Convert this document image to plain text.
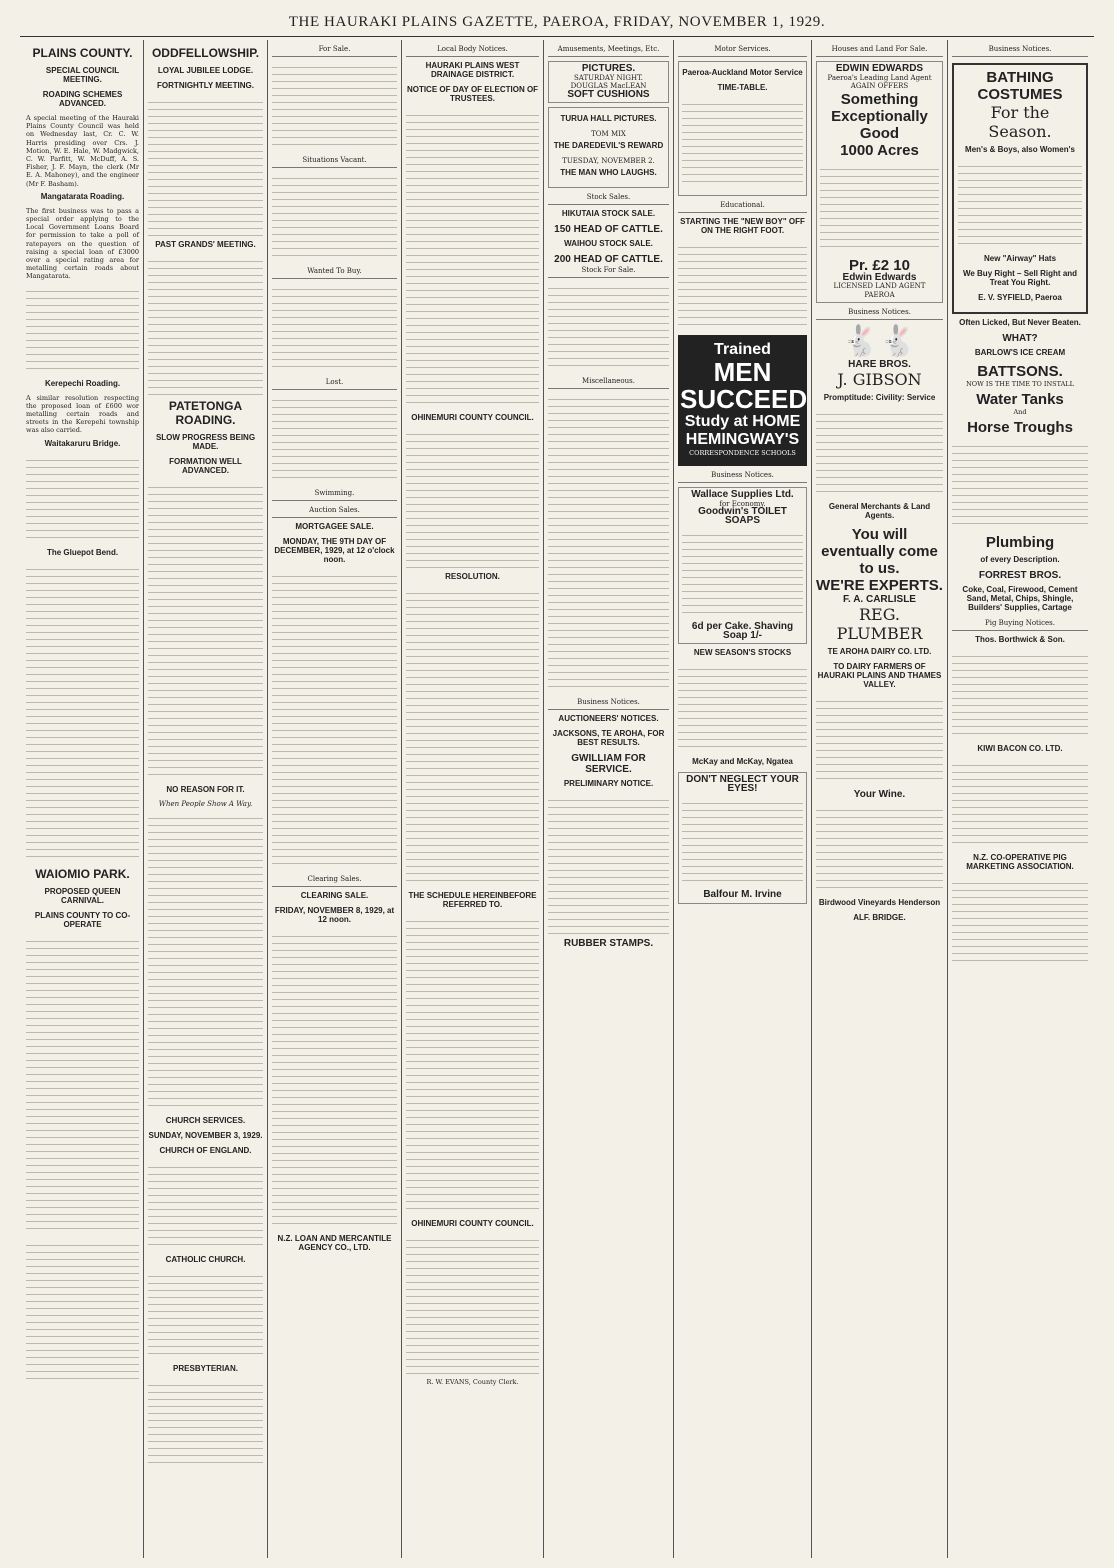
THE HAURAKI PLAINS GAZETTE, PAEROA, FRIDAY, NOVEMBER 1, 1929.
PLAINS COUNTY.
SPECIAL COUNCIL MEETING.
ROADING SCHEMES ADVANCED.

A special meeting of the Hauraki Plains County Council was held on Wednesday last, Cr. C. W. Harris presiding over Crs. J. Motion, W. E. Hale, W. Madgwick, C. W. Parfitt, W. McDuff, A. S. Fisher, J. F. Mayn, the clerk (Mr E. A. Mahoney), and the engineer (Mr F. Basham).

Mangatarata Roading.

The first business was to pass a special order applying to the Local Government Loans Board for permission to take a poll of ratepayers on the question of raising a special loan of £3000 over a special rating area for metalling certain roads about Mangatarata.

Kerepechi Roading.

A similar resolution respecting the proposed loan of £600 wor metalling certain roads and streets in the Kerepehi township was also carried.

Waitakaruru Bridge.
The Gluepot Bend.
WAIOMIO PARK.
PROPOSED QUEEN CARNIVAL.
PLAINS COUNTY TO CO-OPERATE
ODDFELLOWSHIP.
LOYAL JUBILEE LODGE.
FORTNIGHTLY MEETING.
PAST GRANDS' MEETING.
PATETONGA ROADING.
SLOW PROGRESS BEING MADE.
FORMATION WELL ADVANCED.
NO REASON FOR IT.
When People Show A Way.
CHURCH SERVICES.
SUNDAY, NOVEMBER 3, 1929.
CHURCH OF ENGLAND.
CATHOLIC CHURCH.
PRESBYTERIAN.
For Sale.
Situations Vacant.
Wanted To Buy.
Lost.
Swimming.
Auction Sales.
MORTGAGEE SALE.
MONDAY, THE 9TH DAY OF DECEMBER, 1929, at 12 o'clock noon.
Clearing Sales.
CLEARING SALE.
FRIDAY, NOVEMBER 8, 1929, at 12 noon.
N.Z. LOAN AND MERCANTILE AGENCY CO., LTD.
Local Body Notices.
HAURAKI PLAINS WEST DRAINAGE DISTRICT.
NOTICE OF DAY OF ELECTION OF TRUSTEES.
OHINEMURI COUNTY COUNCIL.
RESOLUTION.
THE SCHEDULE HEREINBEFORE REFERRED TO.
OHINEMURI COUNTY COUNCIL.
R. W. EVANS, County Clerk.
Amusements, Meetings, Etc.
PICTURES.
SATURDAY NIGHT.
DOUGLAS MacLEAN
SOFT CUSHIONS
TURUA HALL PICTURES.
TOM MIX
THE DAREDEVIL'S REWARD
TUESDAY, NOVEMBER 2.
THE MAN WHO LAUGHS.
Stock Sales.
HIKUTAIA STOCK SALE.
150 HEAD OF CATTLE.
WAIHOU STOCK SALE.
200 HEAD OF CATTLE.
Stock For Sale.
Miscellaneous.
Business Notices.
AUCTIONEERS' NOTICES.
JACKSONS, TE AROHA, FOR BEST RESULTS.
GWILLIAM FOR SERVICE.
PRELIMINARY NOTICE.
RUBBER STAMPS.
Motor Services.
Paeroa-Auckland Motor Service
TIME-TABLE.
Educational.
STARTING THE "NEW BOY" OFF ON THE RIGHT FOOT.
Trained
MEN
SUCCEED
Study at HOME
HEMINGWAY'S
CORRESPONDENCE SCHOOLS
Business Notices.
Wallace Supplies Ltd.
for Economy.
Goodwin's TOILET SOAPS
6d per Cake. Shaving Soap 1/-
NEW SEASON'S STOCKS
McKay and McKay, Ngatea
DON'T NEGLECT YOUR EYES!
Balfour M. Irvine
Houses and Land For Sale.
EDWIN EDWARDS
Paeroa's Leading Land Agent
AGAIN OFFERS
Something Exceptionally Good
1000 Acres
Pr. £2 10
Edwin Edwards
LICENSED LAND AGENT PAEROA
Business Notices.
🐇🐇
HARE BROS.
J. GIBSON
Promptitude: Civility: Service
General Merchants & Land Agents.
You will eventually come to us.
WE'RE EXPERTS.
F. A. CARLISLE
REG. PLUMBER
TE AROHA DAIRY CO. LTD.
TO DAIRY FARMERS OF HAURAKI PLAINS AND THAMES VALLEY.
Your Wine.
Birdwood Vineyards Henderson
ALF. BRIDGE.
Business Notices.
BATHING COSTUMES
For the Season.
Men's & Boys, also Women's
New "Airway" Hats
We Buy Right – Sell Right and Treat You Right.
E. V. SYFIELD, Paeroa
Often Licked, But Never Beaten.
WHAT?
BARLOW'S ICE CREAM
BATTSONS.
NOW IS THE TIME TO INSTALL
Water Tanks
And
Horse Troughs
Plumbing
of every Description.
FORREST BROS.
Coke, Coal, Firewood, Cement Sand, Metal, Chips, Shingle, Builders' Supplies, Cartage
Pig Buying Notices.
Thos. Borthwick & Son.
KIWI BACON CO. LTD.
N.Z. CO-OPERATIVE PIG MARKETING ASSOCIATION.
